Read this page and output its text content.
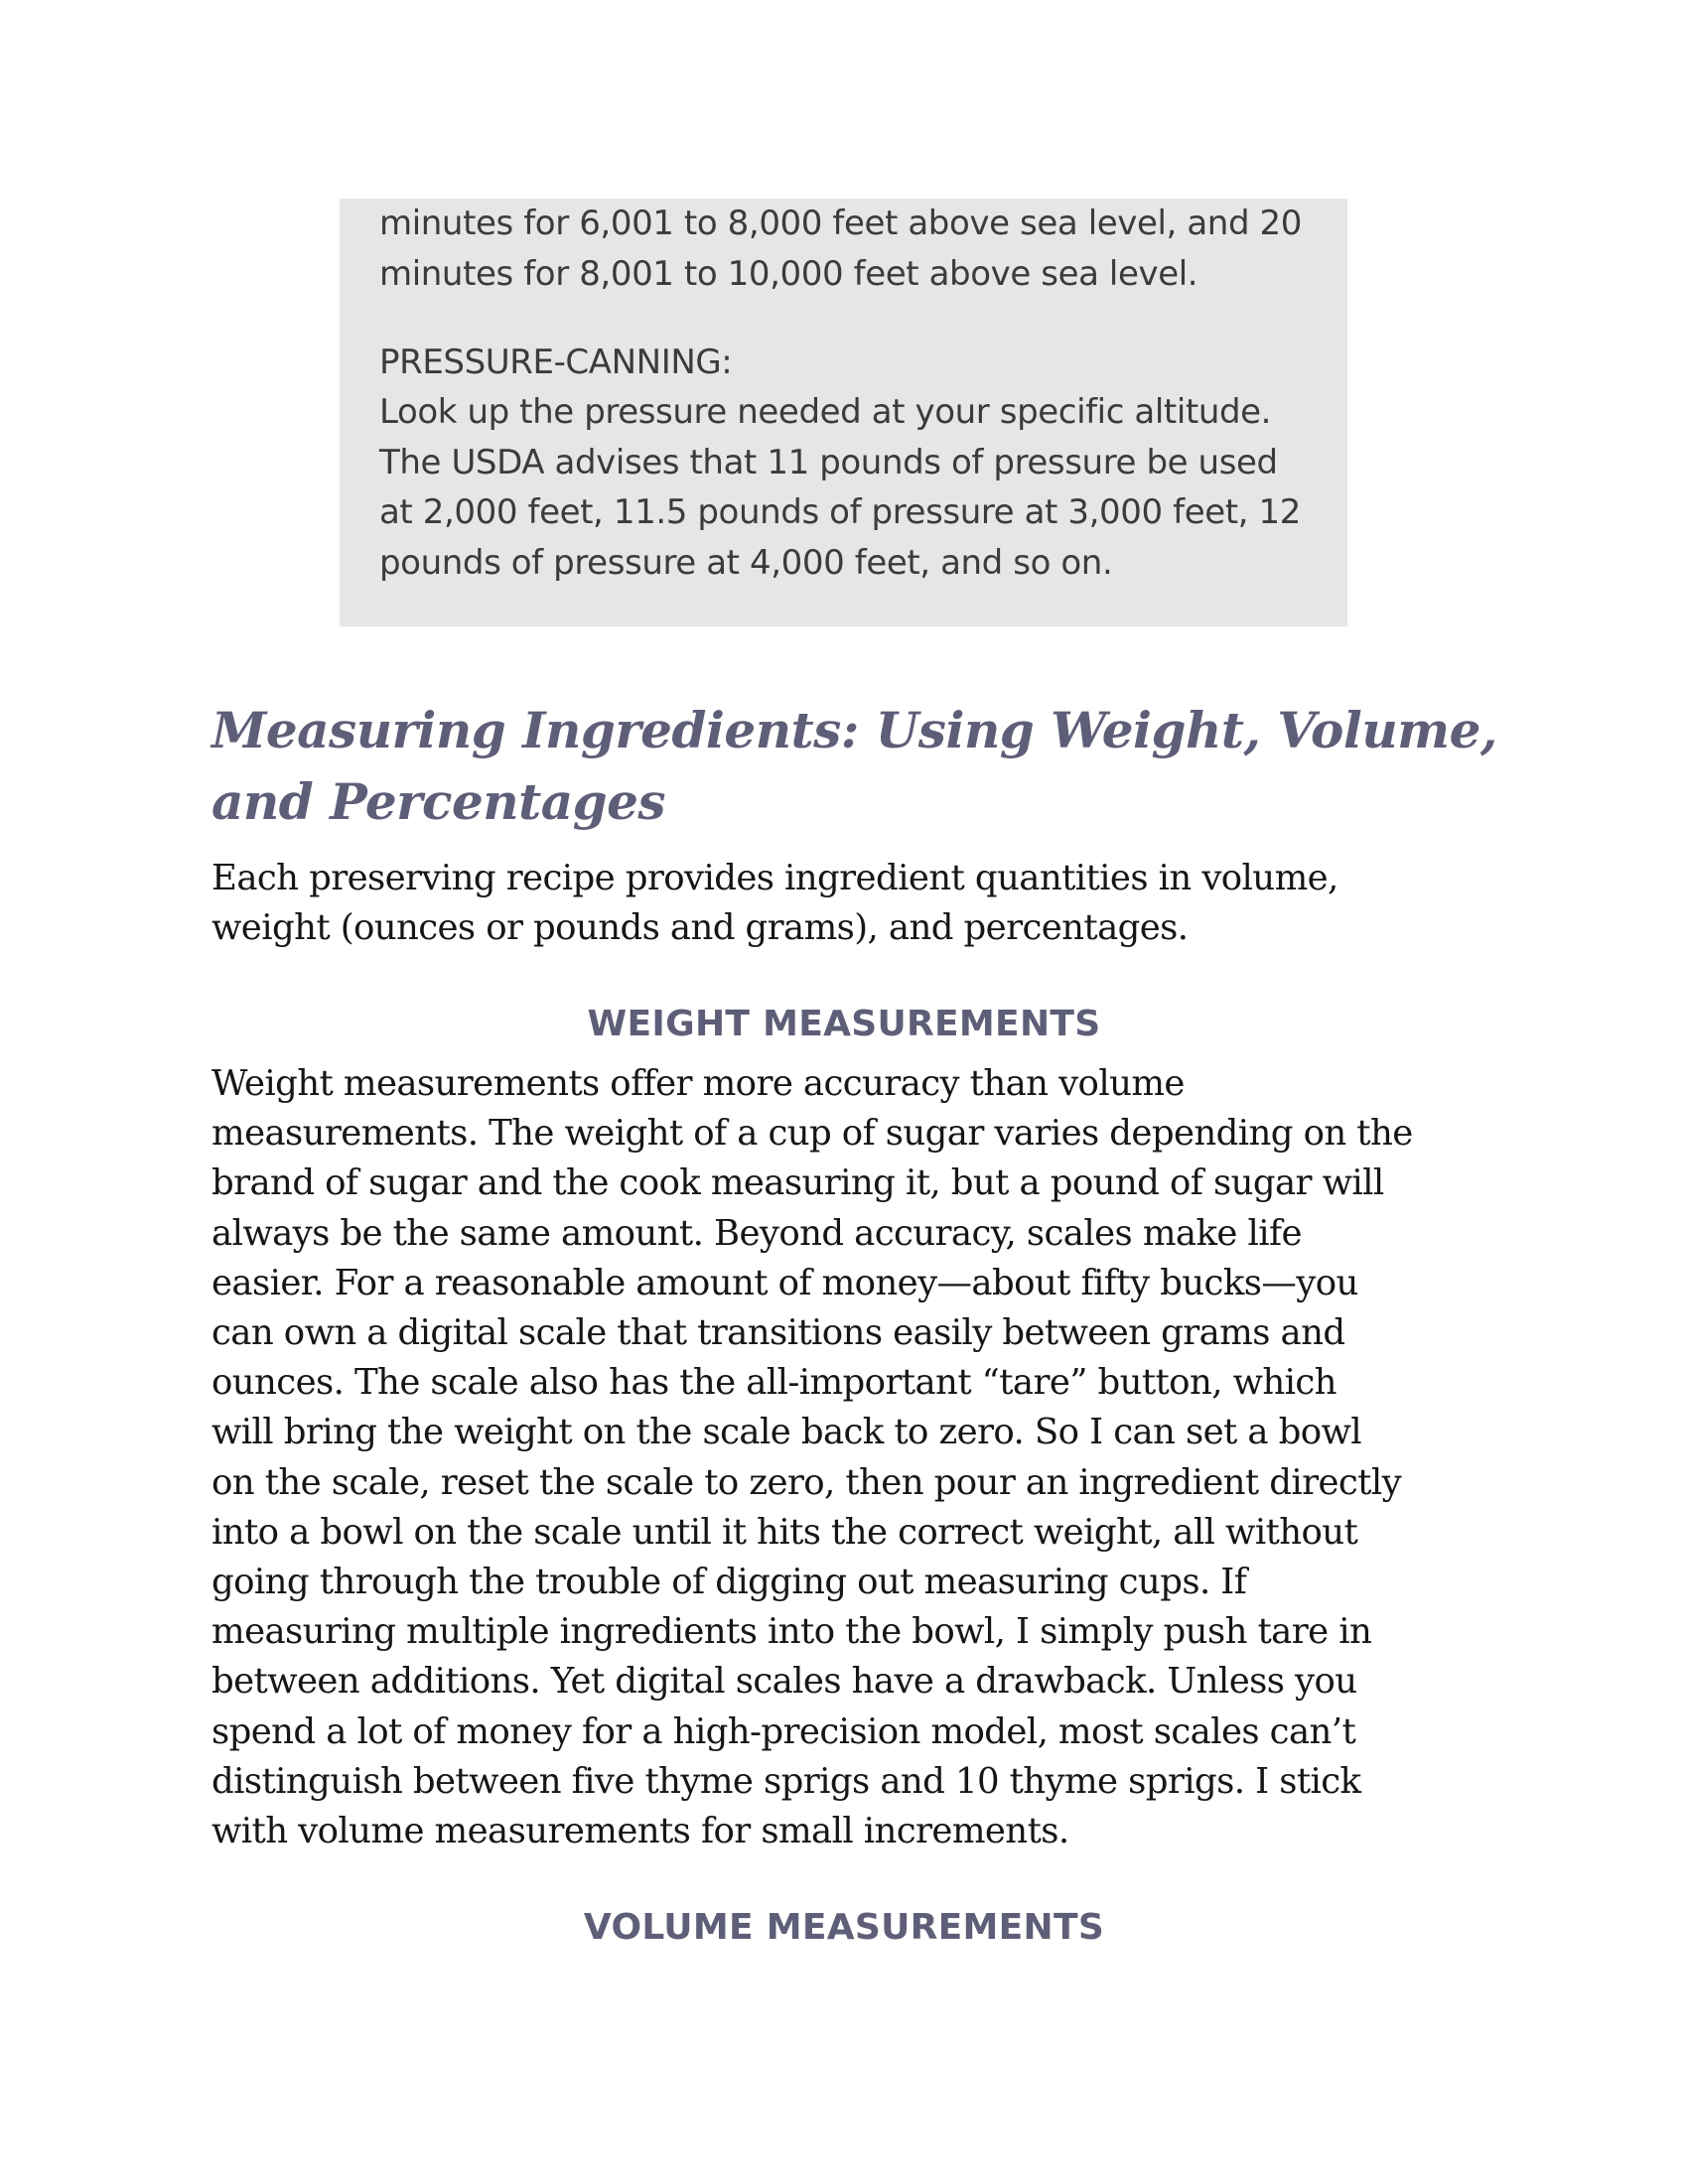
minutes for 6,001 to 8,000 feet above sea level, and 20
minutes for 8,001 to 10,000 feet above sea level.

PRESSURE-CANNING:

Look up the pressure needed at your specific altitude.
The USDA advises that 11 pounds of pressure be used
at 2,000 feet, 11.5 pounds of pressure at 3,000 feet, 12
pounds of pressure at 4,000 feet, and so on.

Measuring Ingredients: Using Weight, Volume,
and Percentages

Each preserving recipe provides ingredient quantities in volume,
weight (ounces or pounds and grams), and percentages.

WEIGHT MEASUREMENTS

Weight measurements offer more accuracy than volume
measurements. The weight of a cup of sugar varies depending on the
brand of sugar and the cook measuring it, but a pound of sugar will
always be the same amount. Beyond accuracy, scales make life
easier. For a reasonable amount of money—about fifty bucks—you
can own a digital scale that transitions easily between grams and
ounces. The scale also has the all-important “tare” button, which
will bring the weight on the scale back to zero. So I can set a bowl
on the scale, reset the scale to zero, then pour an ingredient directly
into a bowl on the scale until it hits the correct weight, all without
going through the trouble of digging out measuring cups. If
measuring multiple ingredients into the bowl, I simply push tare in
between additions. Yet digital scales have a drawback. Unless you
spend a lot of money for a high-precision model, most scales can’t
distinguish between five thyme sprigs and 10 thyme sprigs. I stick
with volume measurements for small increments.

VOLUME MEASUREMENTS
